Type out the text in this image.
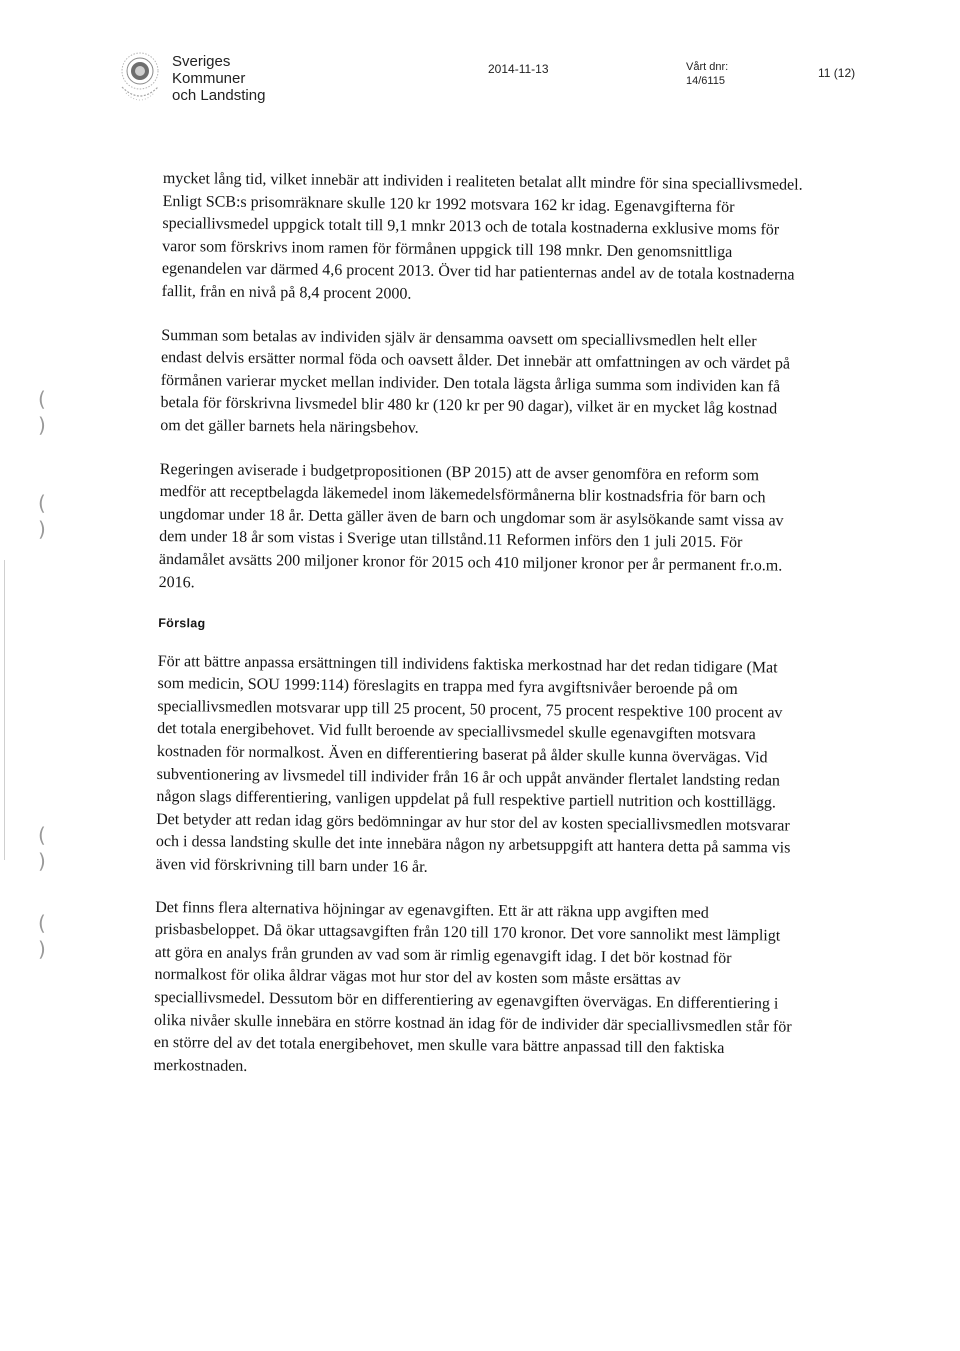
Sveriges
Kommuner
och Landsting
2014-11-13	Vårt dnr:
14/6115
11 (12)
( )
( )
( )
( )

mycket lång tid, vilket innebär att individen i realiteten betalat allt mindre för sina speciallivsmedel. Enligt SCB:s prisomräknare skulle 120 kr 1992 motsvara 162 kr idag. Egenavgifterna för speciallivsmedel uppgick totalt till 9,1 mnkr 2013 och de totala kostnaderna exklusive moms för varor som förskrivs inom ramen för förmånen uppgick till 198 mnkr. Den genomsnittliga egenandelen var därmed 4,6 procent 2013. Över tid har patienternas andel av de totala kostnaderna fallit, från en nivå på 8,4 procent 2000.

Summan som betalas av individen själv är densamma oavsett om speciallivsmedlen helt eller endast delvis ersätter normal föda och oavsett ålder. Det innebär att omfattningen av och värdet på förmånen varierar mycket mellan individer. Den totala lägsta årliga summa som individen kan få betala för förskrivna livsmedel blir 480 kr (120 kr per 90 dagar), vilket är en mycket låg kostnad om det gäller barnets hela näringsbehov.

Regeringen aviserade i budgetpropositionen (BP 2015) att de avser genomföra en reform som medför att receptbelagda läkemedel inom läkemedelsförmånerna blir kostnadsfria för barn och ungdomar under 18 år. Detta gäller även de barn och ungdomar som är asylsökande samt vissa av dem under 18 år som vistas i Sverige utan tillstånd.11 Reformen införs den 1 juli 2015. För ändamålet avsätts 200 miljoner kronor för 2015 och 410 miljoner kronor per år permanent fr.o.m. 2016.

Förslag

För att bättre anpassa ersättningen till individens faktiska merkostnad har det redan tidigare (Mat som medicin, SOU 1999:114) föreslagits en trappa med fyra avgiftsnivåer beroende på om speciallivsmedlen motsvarar upp till 25 procent, 50 procent, 75 procent respektive 100 procent av det totala energibehovet. Vid fullt beroende av speciallivsmedel skulle egenavgiften motsvara kostnaden för normalkost. Även en differentiering baserat på ålder skulle kunna övervägas. Vid subventionering av livsmedel till individer från 16 år och uppåt använder flertalet landsting redan någon slags differentiering, vanligen uppdelat på full respektive partiell nutrition och kosttillägg. Det betyder att redan idag görs bedömningar av hur stor del av kosten speciallivsmedlen motsvarar och i dessa landsting skulle det inte innebära någon ny arbetsuppgift att hantera detta på samma vis även vid förskrivning till barn under 16 år.

Det finns flera alternativa höjningar av egenavgiften. Ett är att räkna upp avgiften med prisbasbeloppet. Då ökar uttagsavgiften från 120 till 170 kronor. Det vore sannolikt mest lämpligt att göra en analys från grunden av vad som är rimlig egenavgift idag. I det bör kostnad för normalkost för olika åldrar vägas mot hur stor del av kosten som måste ersättas av speciallivsmedel. Dessutom bör en differentiering av egenavgiften övervägas. En differentiering i olika nivåer skulle innebära en större kostnad än idag för de individer där speciallivsmedlen står för en större del av det totala energibehovet, men skulle vara bättre anpassad till den faktiska merkostnaden.
